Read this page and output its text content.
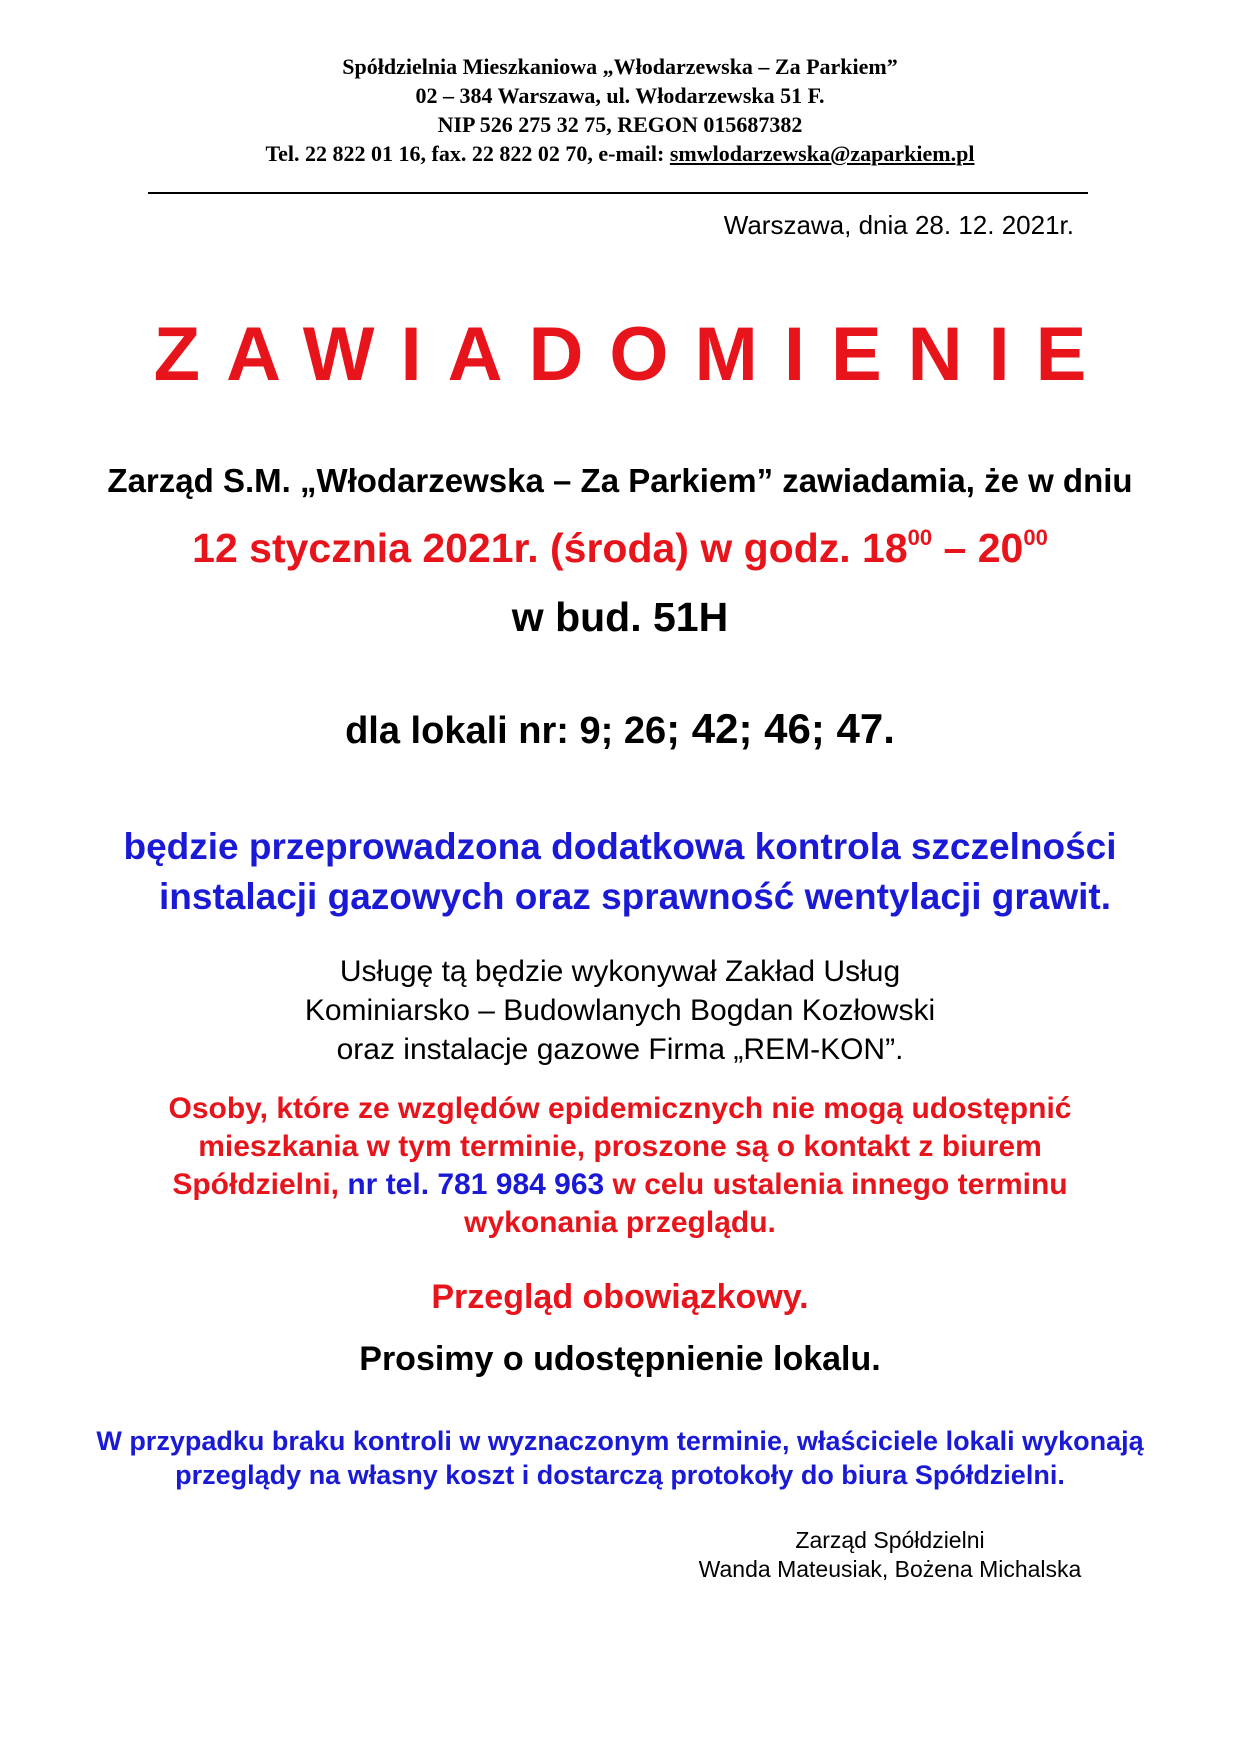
Spółdzielnia Mieszkaniowa „Włodarzewska – Za Parkiem”
02 – 384 Warszawa, ul. Włodarzewska 51 F.
NIP 526 275 32 75, REGON 015687382
Tel. 22 822 01 16, fax. 22 822 02 70, e-mail: smwlodarzewska@zaparkiem.pl
Warszawa, dnia 28. 12. 2021r.
ZAWIADOMIENIE
Zarząd S.M. „Włodarzewska – Za Parkiem” zawiadamia, że w dniu
12 stycznia 2021r. (środa) w godz. $18^{00} - 20^{00}$
w bud. 51H
dla lokali nr: 9; 26; 42; 46; 47.
będzie przeprowadzona dodatkowa kontrola szczelności
instalacji gazowych oraz sprawność wentylacji grawit.
Usługę tą będzie wykonywał Zakład Usług
Kominiarsko – Budowlanych Bogdan Kozłowski
oraz instalacje gazowe Firma „REM-KON”.
Osoby, które ze względów epidemicznych nie mogą udostępnić
mieszkania w tym terminie, proszone są o kontakt z biurem
Spółdzielni, nr tel. 781 984 963 w celu ustalenia innego terminu
wykonania przeglądu.
Przegląd obowiązkowy.
Prosimy o udostępnienie lokalu.
W przypadku braku kontroli w wyznaczonym terminie, właściciele lokali wykonają
przeglądy na własny koszt i dostarczą protokoły do biura Spółdzielni.
Zarząd Spółdzielni
Wanda Mateusiak, Bożena Michalska
